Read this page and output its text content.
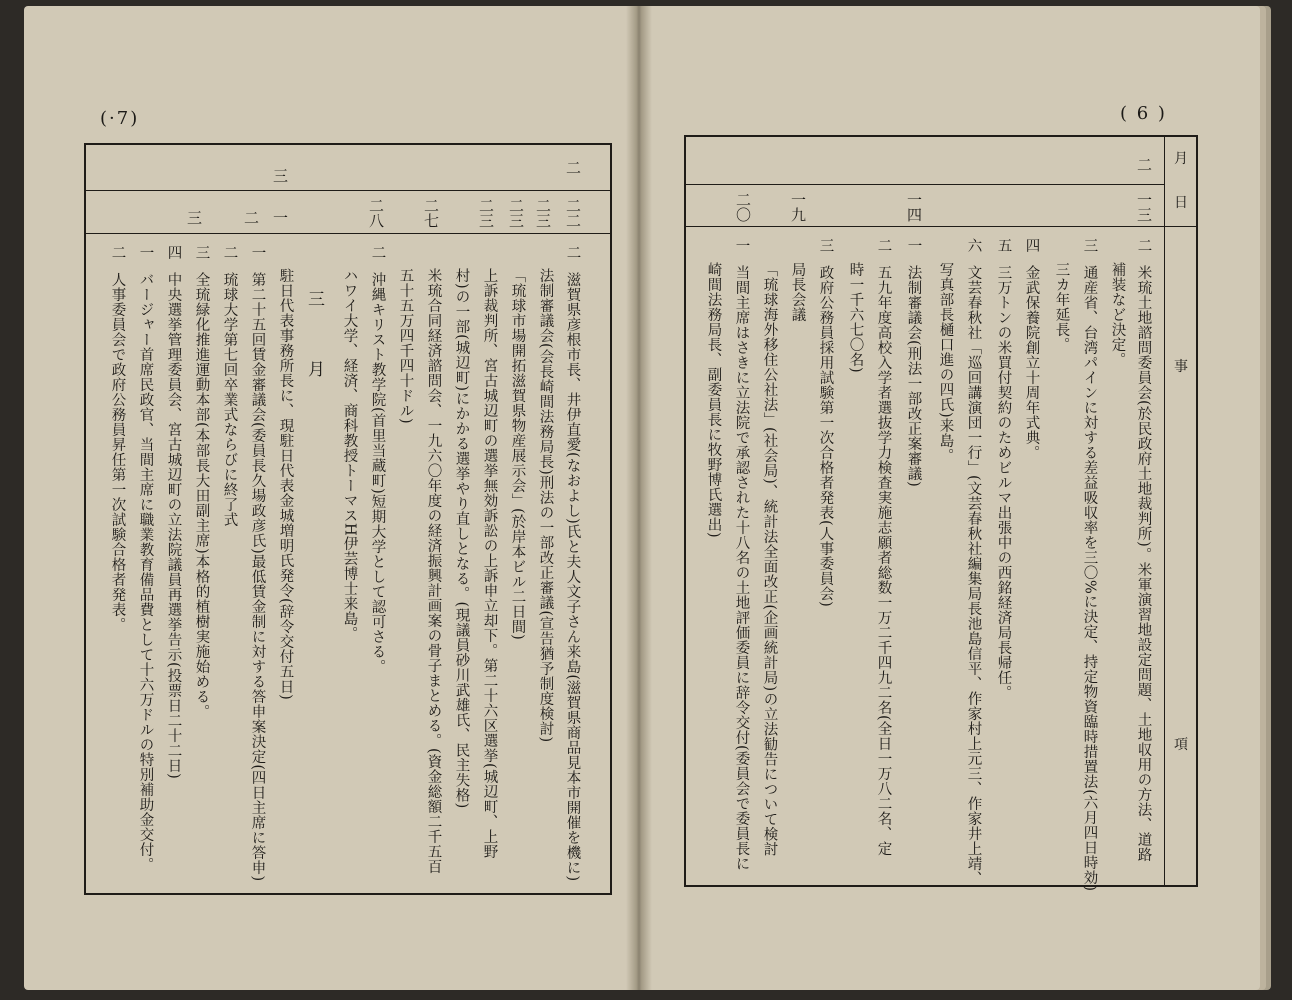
(·7)
二
三
二二
二三
二三
二三
二七
二八
一
二
三
三　月
二滋賀県彦根市長、井伊直愛(なおよし)氏と夫人文子さん来島(滋賀県商品見本市開催を機に)
法制審議会(会長崎間法務局長)刑法の一部改正審議(宣告猶予制度検討)
「琉球市場開拓滋賀県物産展示会」(於岸本ビル二日間)
上訴裁判所、宮古城辺町の選挙無効訴訟の上訴申立却下。第二十六区選挙(城辺町、上野
村)の一部(城辺町)にかかる選挙やり直しとなる。(現議員砂川武雄氏、民主失格)
米琉合同経済諮問会、一九六〇年度の経済振興計画案の骨子まとめる。(資金総額二千五百
五十五万四千四十ドル)
二沖縄キリスト教学院(首里当蔵町)短期大学として認可さる。
ハワイ大学、経済、商科教授トーマスH伊芸博士来島。
駐日代表事務所長に、現駐日代表金城増明氏発令(辞令交付五日)
一第二十五回賃金審議会(委員長久場政彦氏)最低賃金制に対する答申案決定(四日主席に答申)
二琉球大学第七回卒業式ならびに終了式
三全琉緑化推進運動本部(本部長大田副主席)本格的植樹実施始める。
四中央選挙管理委員会、宮古城辺町の立法院議員再選挙告示(投票日二十二日)
一バージャー首席民政官、当間主席に職業教育備品費として十六万ドルの特別補助金交付。
二人事委員会で政府公務員昇任第一次試験合格者発表。
( 6 )
月
日
事
項
二
一三
一四
一九
二〇
二米琉土地諮問委員会(於民政府土地裁判所)。米軍演習地設定問題、土地収用の方法、道路
補装など決定。
三通産省、台湾パインに対する差益吸収率を三〇%に決定、持定物資臨時措置法(六月四日時効)
三カ年延長。
四金武保養院創立十周年式典。
五三万トンの米買付契約のためビルマ出張中の西銘経済局長帰任。
六文芸春秋社「巡回講演団一行」(文芸春秋社編集局長池島信平、作家村上元三、作家井上靖、
写真部長樋口進の四氏)来島。
一法制審議会(刑法一部改正案審議)
二五九年度高校入学者選抜学力検査実施志願者総数一万二千四九二名(全日一万八二名、定
時一千六七〇名)
三政府公務員採用試験第一次合格者発表(人事委員会)
局長会議
「琉球海外移住公社法」(社会局)、統計法全面改正(企画統計局)の立法勧告について検討
一当間主席はさきに立法院で承認された十八名の土地評価委員に辞令交付(委員会で委員長に
崎間法務局長、副委員長に牧野博氏選出)
